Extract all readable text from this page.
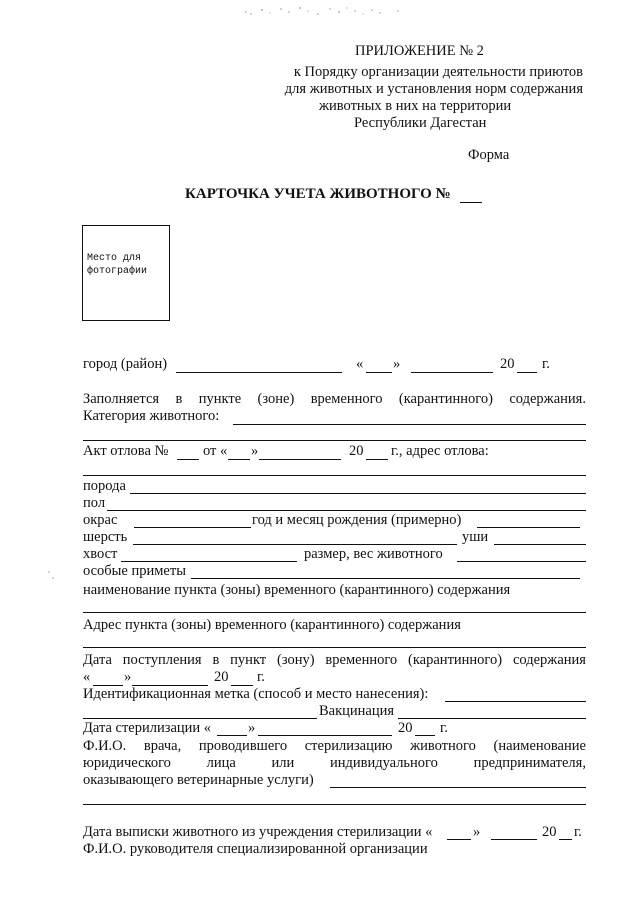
ПРИЛОЖЕНИЕ № 2
к Порядку организации деятельности приютов
для животных и установления норм содержания
животных в них на территории
Республики Дагестан
Форма
КАРТОЧКА УЧЕТА ЖИВОТНОГО №
Место для
фотографии
город (район)	« »	20 г.
Заполняется в пункте (зоне) временного (карантинного) содержания.
Категория животного:
Акт отлова № от « »	20 г., адрес отлова:
порода
пол
окрас	год и месяц рождения (примерно)
шерсть	уши
хвост	размер, вес животного
особые приметы
наименование пункта (зоны) временного (карантинного) содержания
Адрес пункта (зоны) временного (карантинного) содержания
Дата поступления в пункт (зону) временного (карантинного) содержания
« »	20 г.
Идентификационная метка (способ и место нанесения):
Вакцинация
Дата стерилизации «	»	20 г.
Ф.И.О. врача, проводившего стерилизацию животного (наименование
юридического лица или индивидуального предпринимателя,
оказывающего ветеринарные услуги)
Дата выписки животного из учреждения стерилизации «	»	20 г.
Ф.И.О. руководителя специализированной организации
